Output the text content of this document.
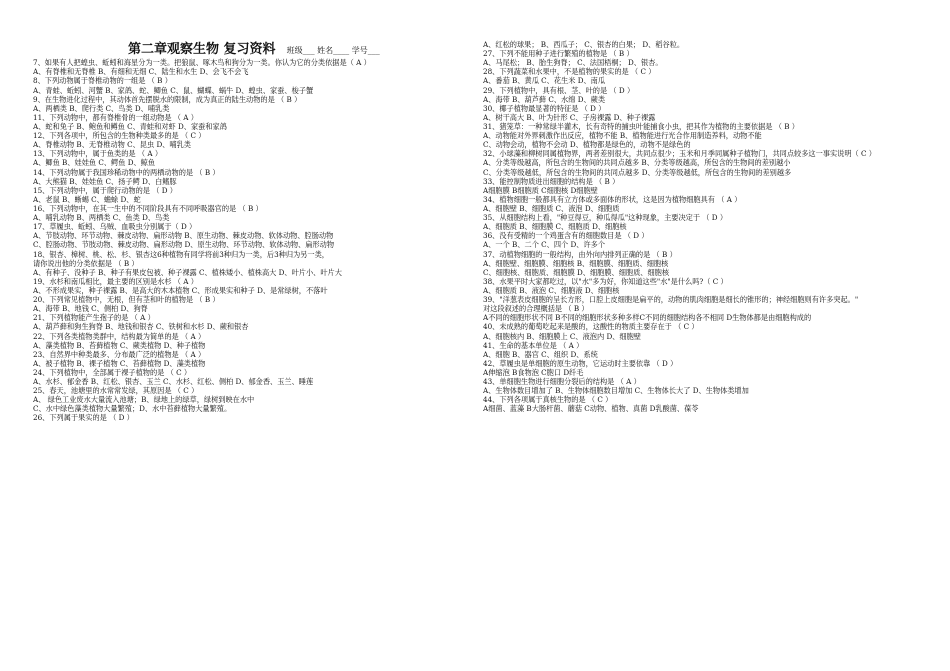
第二章观察生物 复习资料 班级___ 姓名____ 学号___
7、如果有人把蝗虫、蚯蚓和海星分为一类。把狼鼠、啄木鸟和狗分为一类。你认为它的分类依据是（ A ）
A、有脊椎和无脊椎 B、有细和无细 C、陆生和水生 D、会飞不会飞
8、下列动物属于脊椎动物的一组是 （ B ）
A、青蛙、蚯蚓、河蟹 B、家鸽、蛇、鲫鱼 C、鼠、蝴蝶、蜗牛 D、蝗虫、家蚕、梭子蟹
9、在生物进化过程中，其动体首先摆脱水的限制，成为真正的陆生动物的是 （ B ）
A、两栖类 B、爬行类 C、鸟类 D、哺乳类
11、下列动物中，都有脊椎骨的一组动物是 （ A ）
A、蛇和兔子 B、鲍鱼和鳟鱼 C、青蛙和对虾 D、家蚕和家鸽
12、下列各项中，所包含的生物种类最多的是 （ C ）
A、脊椎动物 B、无脊椎动物 C、昆虫 D、哺乳类
13、下列动物中，属于鱼类的是 （ A ）
A、鲫鱼 B、娃娃鱼 C、鳄鱼 D、鲸鱼
14、下列动物属于我国珍稀动物中的两栖动物的是 （ B ）
A、大熊猫 B、娃娃鱼 C、扬子鳄 D、白鳍豚
15、下列动物中，属于爬行动物的是 （ D ）
A、老鼠 B、蜥蜴 C、蟾蜍 D、蛇
16、下列动物中，在其一生中的不同阶段具有不同呼吸器官的是 （ B ）
A、哺乳动物 B、两栖类 C、鱼类 D、鸟类
17、草履虫、蚯蚓、乌贼、血吸虫分别属于（ D ）
A、节肢动物、环节动物、棘皮动物、扁形动物 B、原生动物、棘皮动物、软体动物、腔肠动物
C、腔肠动物、节肢动物、棘皮动物、扁形动物 D、原生动物、环节动物、软体动物、扁形动物
18、银杏、樟树、桃、松、杉、银杏这6种植物有同学将前3种归为一类，后3种归为另一类，
请你说出他的分类依据是 （ B ）
A、有种子、没种子 B、种子有果皮包被、种子裸露 C、植株矮小、植株高大 D、叶片小、叶片大
19、水杉和南瓜相比，最主要的区别是水杉 （ A ）
A、不形成果实，种子裸露 B、是高大的木本植物 C、形成果实和种子 D、是常绿树，不落叶
20、下列常见植物中，无根，但有茎和叶的植物是 （ B ）
A、海带 B、地钱 C、侧柏 D、狗脊
21、下列植物能产生孢子的是 （ A ）
A、葫芦藓和狗生狗脊 B、地钱和银杏 C、铁树和水杉 D、蕨和银杏
22、下列各类植物类群中，结构最为简单的是 （ A ）
A、藻类植物 B、苔藓植物 C、蕨类植物 D、种子植物
23、自然界中种类最多、分布最广泛的植物是 （ A ）
A、被子植物 B、裸子植物 C、苔藓植物 D、藻类植物
24、下列植物中，全部属于裸子植物的是 （ C ）
A、水杉、郁金香 B、红松、银杏、玉兰 C、水杉、红松、侧柏 D、郁金香、玉兰、睡莲
25、春天，池塘里的水常常发绿，其原因是 （ C ）
A、 绿色工业废水大量流入池塘；B、绿地上的绿草，绿树到映在水中
C、水中绿色藻类植物大量繁殖；D、水中苔藓植物大量繁殖。
26、下列属于果实的是 （ D ）
A、红松的球果； B、西瓜子； C、银杏的白果； D、稻谷粒。
27、下列不能用种子进行繁殖的植物是 （ B ）
A、马尾松； B、胎生狗脊； C、法国梧桐； D、银杏。
28、下列蔬菜和水果中，不是植物的果实的是 （ C ）
A、番茄 B、黄瓜 C、花生米 D、南瓜
29、下列植物中，具有根、茎、叶的是 （ D ）
A、海带 B、葫芦藓 C、水绵 D、蕨类
30、椰子植物最显著的特征是 （ D ）
A、树干高大 B、叶为针形 C、子房裸露 D、种子裸露
31、猪笼草：一种常绿半灌木，长有奇特的捕虫叶能捕食小虫，把其作为植物的主要依据是 （ B ）
A、动物能对外界刺激作出反应，植物不能 B、植物能进行光合作用制造养料，动物不能
C、动物会动，植物不会动 D、植物都是绿色的，动物不是绿色的
32、小球藻和柳树同属植物界，两者差别很大，共同点很少；玉米和月季同属种子植物门，共同点较多这一事实说明（ C ）
A、分类等级越高，所包含的生物间的共同点越多 B、分类等级越高，所包含的生物间的差别越小
C、分类等级越低，所包含的生物间的共同点越多 D、分类等级越低，所包含的生物间的差别越多
33、能控制物质进出细胞的结构是 （ B ）
A细胞膜 B细胞质 C细胞核 D细胞壁
34、植物细胞一般都具有立方体或多面体的形状，这是因为植物细胞具有 （ A ）
A、细胞壁 B、细胞质 C、液泡 D、细胞质
35、从细胞结构上看，"种豆得豆，种瓜得瓜"这种现象，主要决定于 （ D ）
A、细胞质 B、细胞膜 C、细胞质 D、细胞核
36、没有受精的一个鸡蛋含有的细胞数目是 （ D ）
A、一个 B、二个 C、四个 D、许多个
37、动植物细胞的一般结构，由外向内排列正确的是 （ B ）
A、细胞壁、细胞膜、细胞核 B、细胞膜、细胞质、细胞核
C、细胞核、细胞质、细胞膜 D、细胞膜、细胞质、细胞核
38、水果平时大家都吃过，以"水"多为好，你知道这些"水"是什么吗?（ C ）
A、细胞质 B、液泡 C、细胞液 D、细胞核
39、"洋葱表皮细胞的呈长方形，口腔上皮细胞是扁平的，动物的肌肉细胞是细长的锥形的；神经细胞则有许多突起。"
对这段叙述的合理概括是 （ B ）
A不同的细胞形状不同 B不同的细胞形状多种多样C不同的细胞结构各不相同 D生物体都是由细胞构成的
40、未成熟的葡萄吃起来是酸的，这酸性的物质主要存在于 （ C ）
A、细胞核内 B、细胞膜上 C、液泡内 D、细胞壁
41、生命的基本单位是 （ A ）
A、细胞 B、器官 C、组织 D、系统
42、草履虫是单细胞的原生动物，它运动时主要依靠 （ D ）
A伸缩泡 B食物泡 C胞口 D纤毛
43、单细胞生物进行细胞分裂后的结构是 （ A ）
A、生物体数目增加了 B、生物体细胞数目增加 C、生物体长大了 D、生物体类增加
44、下列各项属于真核生物的是 （ C ）
A细菌、蓝藻 B大肠杆菌、蘑菇 C动物、植物、真菌 D乳酸菌、葆苓
